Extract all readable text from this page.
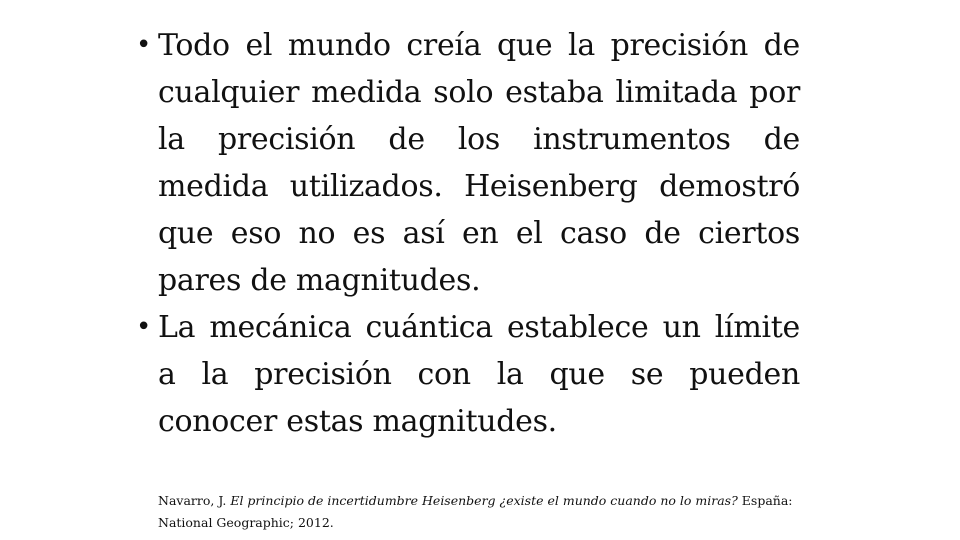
• Todo el mundo creía que la precisión de cualquier medida solo estaba limitada por la precisión de los instrumentos de medida utilizados. Heisenberg demostró que eso no es así en el caso de ciertos pares de magnitudes.
• La mecánica cuántica establece un límite a la precisión con la que se pueden conocer estas magnitudes.
Navarro, J. El principio de incertidumbre Heisenberg ¿existe el mundo cuando no lo miras? España: National Geographic; 2012.
